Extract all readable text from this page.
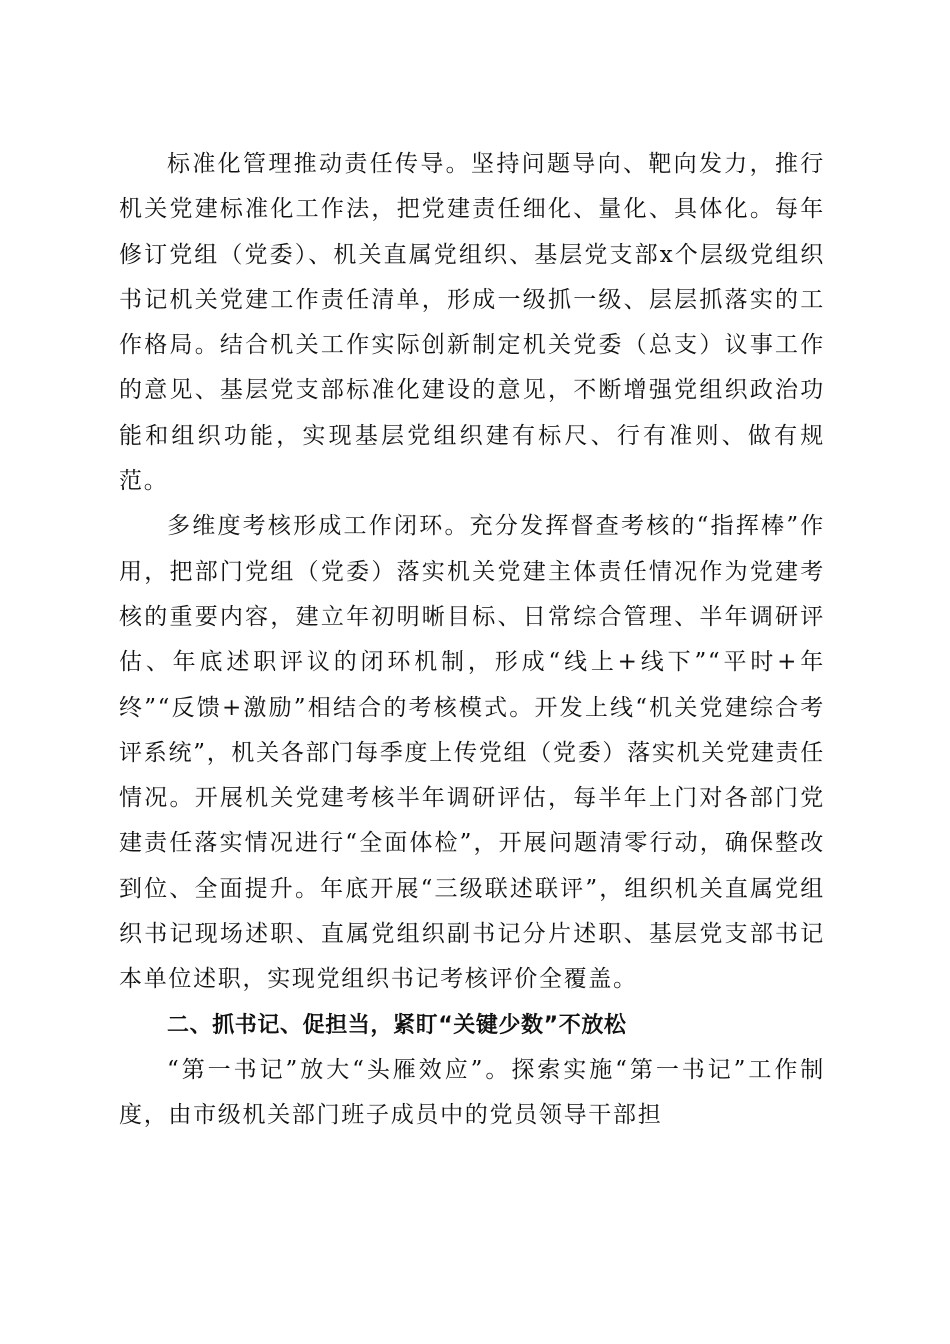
标准化管理推动责任传导。坚持问题导向、靶向发力，推行机关党建标准化工作法，把党建责任细化、量化、具体化。每年修订党组（党委）、机关直属党组织、基层党支部x个层级党组织书记机关党建工作责任清单，形成一级抓一级、层层抓落实的工作格局。结合机关工作实际创新制定机关党委（总支）议事工作的意见、基层党支部标准化建设的意见，不断增强党组织政治功能和组织功能，实现基层党组织建有标尺、行有准则、做有规范。

多维度考核形成工作闭环。充分发挥督查考核的“指挥棒”作用，把部门党组（党委）落实机关党建主体责任情况作为党建考核的重要内容，建立年初明晰目标、日常综合管理、半年调研评估、年底述职评议的闭环机制，形成“线上+线下”“平时+年终”“反馈+激励”相结合的考核模式。开发上线“机关党建综合考评系统”，机关各部门每季度上传党组（党委）落实机关党建责任情况。开展机关党建考核半年调研评估，每半年上门对各部门党建责任落实情况进行“全面体检”，开展问题清零行动，确保整改到位、全面提升。年底开展“三级联述联评”，组织机关直属党组织书记现场述职、直属党组织副书记分片述职、基层党支部书记本单位述职，实现党组织书记考核评价全覆盖。

二、抓书记、促担当，紧盯“关键少数”不放松

“第一书记”放大“头雁效应”。探索实施“第一书记”工作制度，由市级机关部门班子成员中的党员领导干部担
